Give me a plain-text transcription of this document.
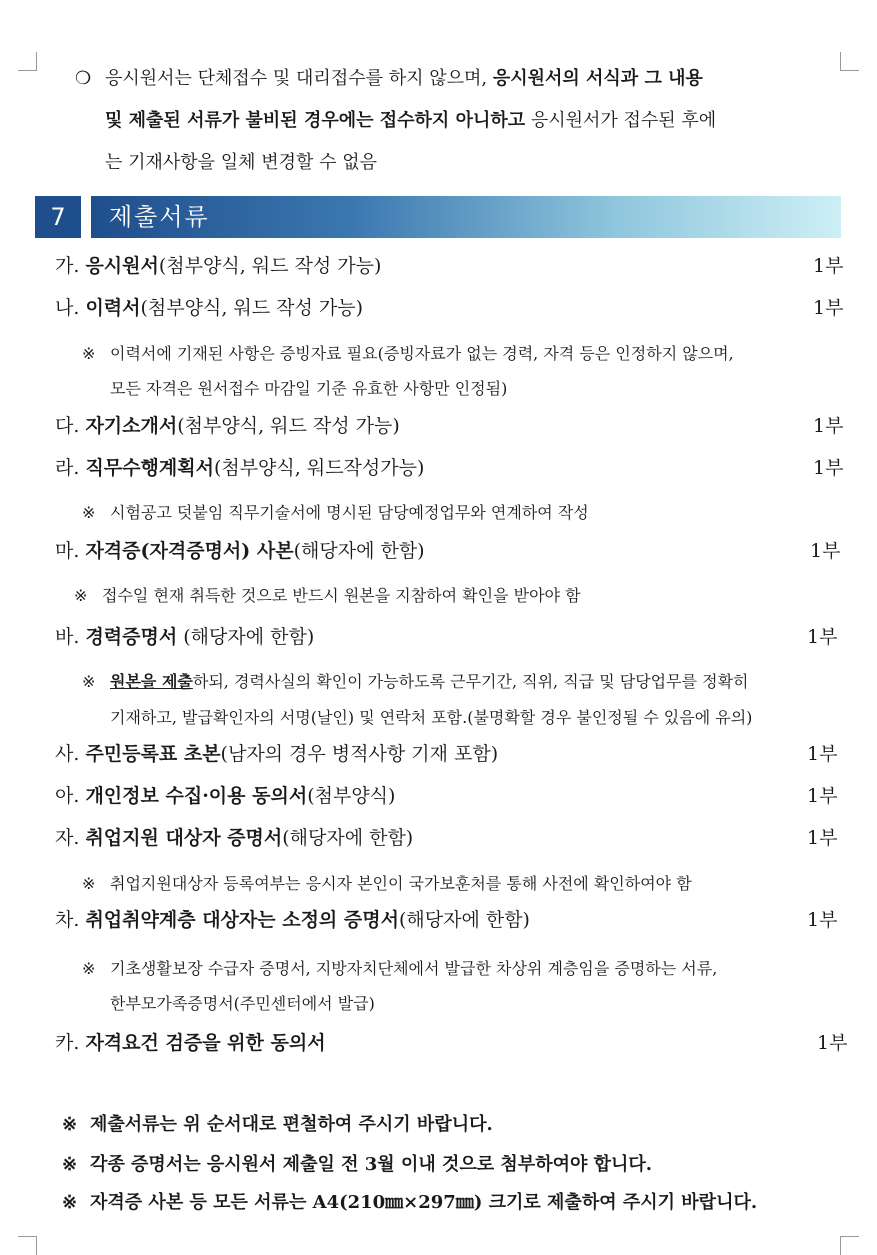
❍ 응시원서는 단체접수 및 대리접수를 하지 않으며, 응시원서의 서식과 그 내용
및 제출된 서류가 불비된 경우에는 접수하지 아니하고 응시원서가 접수된 후에
는 기재사항을 일체 변경할 수 없음
7	제출서류
가. 응시원서(첨부양식, 워드 작성 가능)	1부
나. 이력서(첨부양식, 워드 작성 가능)	1부
※ 이력서에 기재된 사항은 증빙자료 필요(증빙자료가 없는 경력, 자격 등은 인정하지 않으며,
모든 자격은 원서접수 마감일 기준 유효한 사항만 인정됨)
다. 자기소개서(첨부양식, 워드 작성 가능)	1부
라. 직무수행계획서(첨부양식, 워드작성가능)	1부
※ 시험공고 덧붙임 직무기술서에 명시된 담당예정업무와 연계하여 작성
마. 자격증(자격증명서) 사본(해당자에 한함)	1부
※ 접수일 현재 취득한 것으로 반드시 원본을 지참하여 확인을 받아야 함
바. 경력증명서 (해당자에 한함)	1부
※ 원본을 제출하되, 경력사실의 확인이 가능하도록 근무기간, 직위, 직급 및 담당업무를 정확히
기재하고, 발급확인자의 서명(날인) 및 연락처 포함.(불명확할 경우 불인정될 수 있음에 유의)
사. 주민등록표 초본(남자의 경우 병적사항 기재 포함)	1부
아. 개인정보 수집·이용 동의서(첨부양식)	1부
자. 취업지원 대상자 증명서(해당자에 한함)	1부
※ 취업지원대상자 등록여부는 응시자 본인이 국가보훈처를 통해 사전에 확인하여야 함
차. 취업취약계층 대상자는 소정의 증명서(해당자에 한함)	1부
※ 기초생활보장 수급자 증명서, 지방자치단체에서 발급한 차상위 계층임을 증명하는 서류,
한부모가족증명서(주민센터에서 발급)
카. 자격요건 검증을 위한 동의서	1부
※ 제출서류는 위 순서대로 편철하여 주시기 바랍니다.
※ 각종 증명서는 응시원서 제출일 전 3월 이내 것으로 첨부하여야 합니다.
※ 자격증 사본 등 모든 서류는 A4(210㎜×297㎜) 크기로 제출하여 주시기 바랍니다.
